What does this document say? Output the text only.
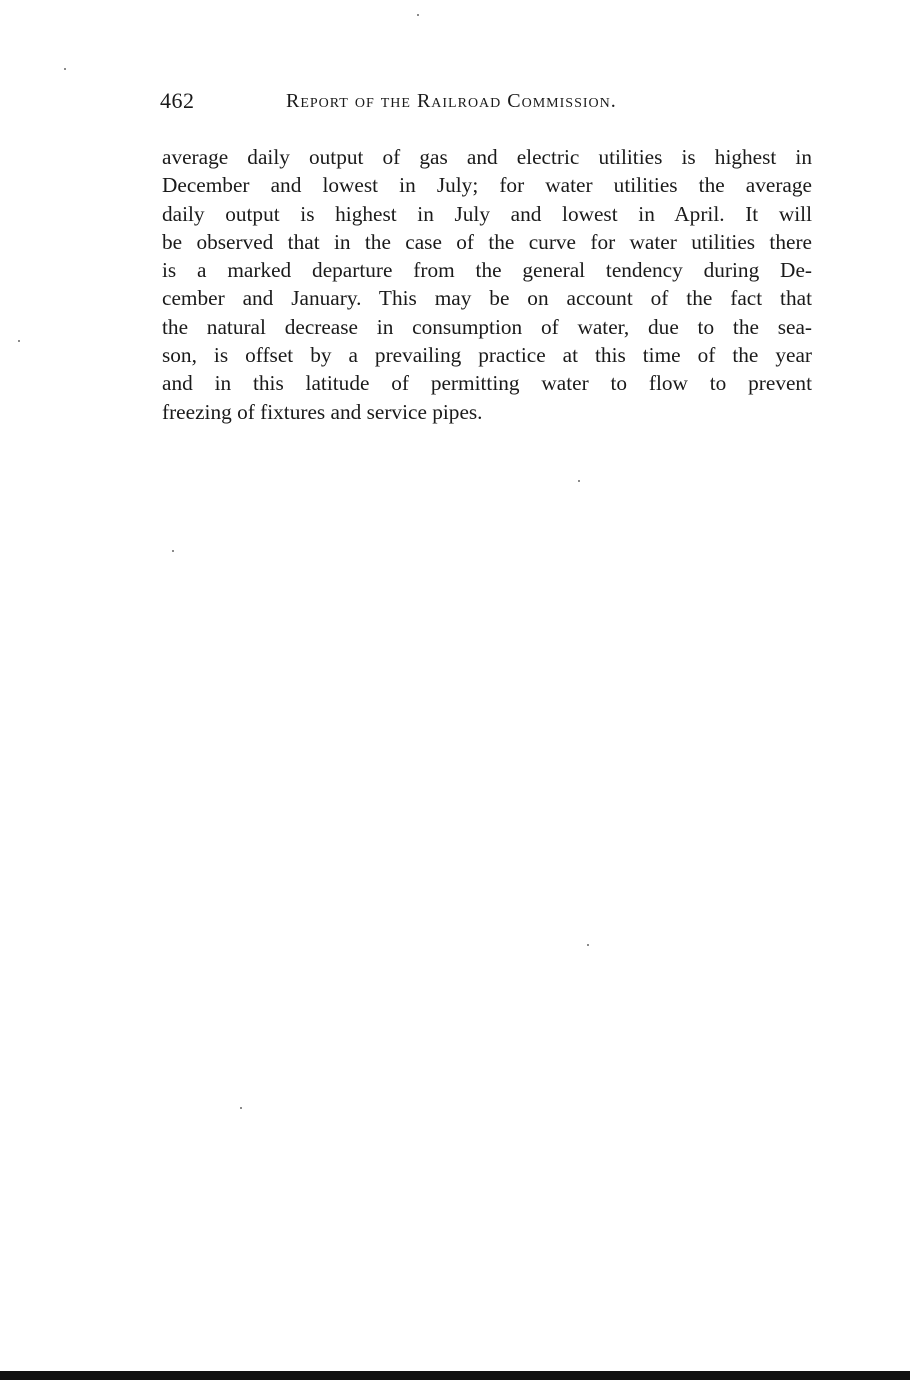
462	Report of the Railroad Commission.
average daily output of gas and electric utilities is highest in
December and lowest in July; for water utilities the average
daily output is highest in July and lowest in April. It will
be observed that in the case of the curve for water utilities there
is a marked departure from the general tendency during De-
cember and January. This may be on account of the fact that
the natural decrease in consumption of water, due to the sea-
son, is offset by a prevailing practice at this time of the year
and in this latitude of permitting water to flow to prevent
freezing of fixtures and service pipes.
